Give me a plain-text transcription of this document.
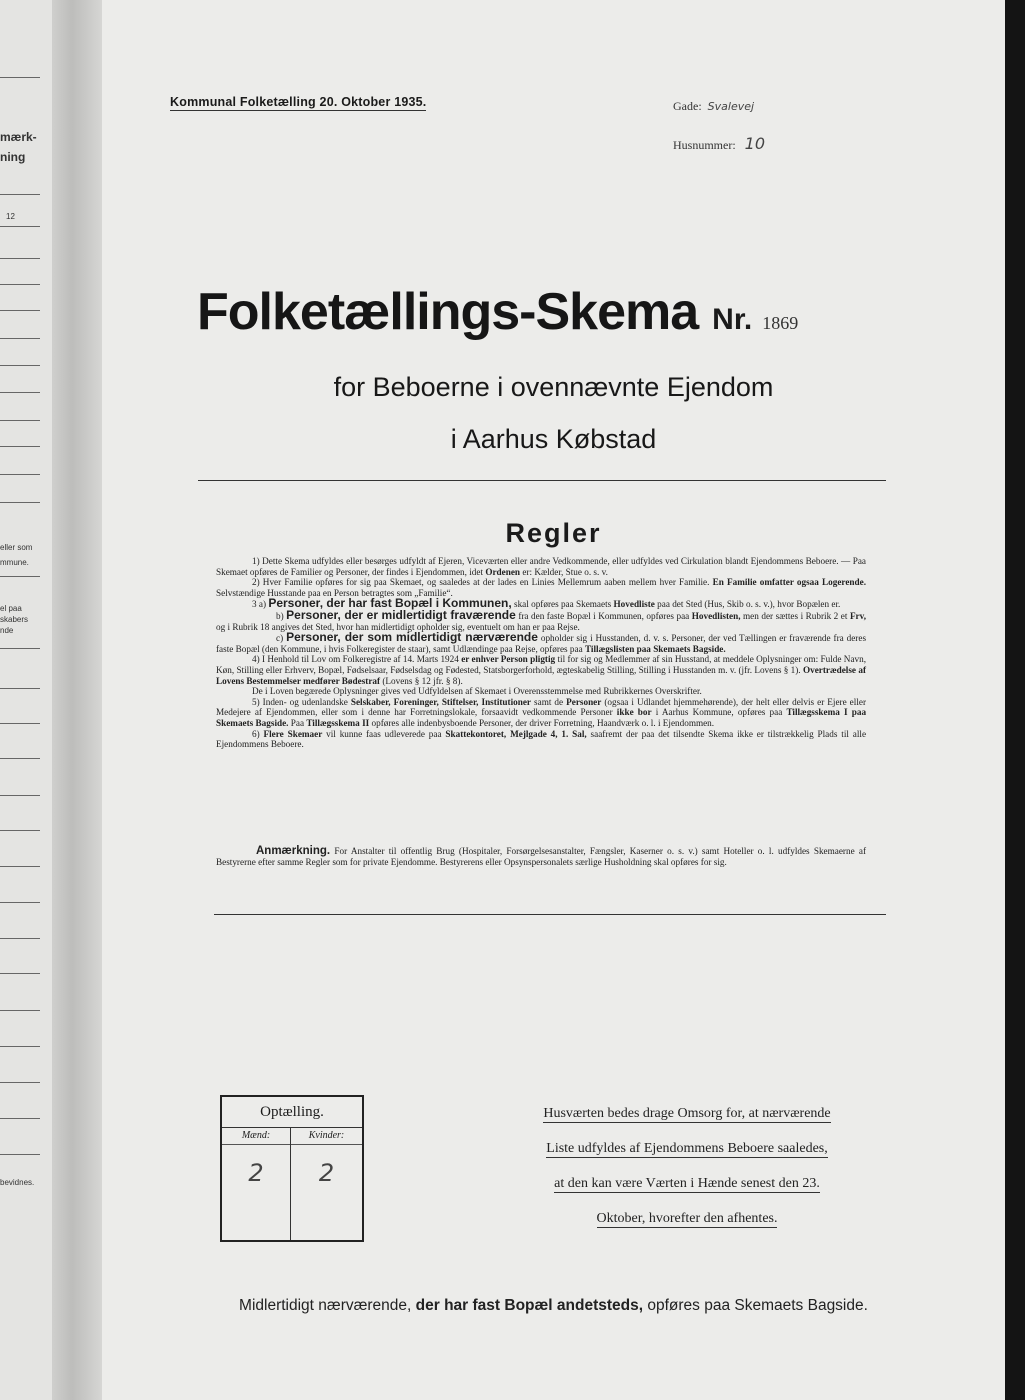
mærk-
ning
12
eller som
mmune.
el paa
skabers
nde
bevidnes.
Kommunal Folketælling 20. Oktober 1935.	Gade: Svalevej
Husnummer: 10
Folketællings-Skema Nr. 1869
for Beboerne i ovennævnte Ejendom
i Aarhus Købstad
Regler

1) Dette Skema udfyldes eller besørges udfyldt af Ejeren, Viceværten eller andre Vedkommende, eller udfyldes ved Cirkulation blandt Ejendommens Beboere. — Paa Skemaet opføres de Familier og Personer, der findes i Ejendommen, idet Ordenen er: Kælder, Stue o. s. v.

2) Hver Familie opføres for sig paa Skemaet, og saaledes at der lades en Linies Mellemrum aaben mellem hver Familie. En Familie omfatter ogsaa Logerende. Selvstændige Husstande paa en Person betragtes som „Familie“.

3 a) Personer, der har fast Bopæl i Kommunen, skal opføres paa Skemaets Hovedliste paa det Sted (Hus, Skib o. s. v.), hvor Bopælen er.

b) Personer, der er midlertidigt fraværende fra den faste Bopæl i Kommunen, opføres paa Hovedlisten, men der sættes i Rubrik 2 et Frv, og i Rubrik 18 angives det Sted, hvor han midlertidigt opholder sig, eventuelt om han er paa Rejse.

c) Personer, der som midlertidigt nærværende opholder sig i Husstanden, d. v. s. Personer, der ved Tællingen er fraværende fra deres faste Bopæl (den Kommune, i hvis Folkeregister de staar), samt Udlændinge paa Rejse, opføres paa Tillægslisten paa Skemaets Bagside.

4) I Henhold til Lov om Folkeregistre af 14. Marts 1924 er enhver Person pligtig til for sig og Medlemmer af sin Husstand, at meddele Oplysninger om: Fulde Navn, Køn, Stilling eller Erhverv, Bopæl, Fødselsaar, Fødselsdag og Fødested, Statsborgerforhold, ægteskabelig Stilling, Stilling i Husstanden m. v. (jfr. Lovens § 1). Overtrædelse af Lovens Bestemmelser medfører Bødestraf (Lovens § 12 jfr. § 8).

De i Loven begærede Oplysninger gives ved Udfyldelsen af Skemaet i Overensstemmelse med Rubrikkernes Overskrifter.

5) Inden- og udenlandske Selskaber, Foreninger, Stiftelser, Institutioner samt de Personer (ogsaa i Udlandet hjemmehørende), der helt eller delvis er Ejere eller Medejere af Ejendommen, eller som i denne har Forretningslokale, forsaavidt vedkommende Personer ikke bor i Aarhus Kommune, opføres paa Tillægsskema I paa Skemaets Bagside. Paa Tillægsskema II opføres alle indenbysboende Personer, der driver Forretning, Haandværk o. l. i Ejendommen.

6) Flere Skemaer vil kunne faas udleverede paa Skattekontoret, Mejlgade 4, 1. Sal, saafremt der paa det tilsendte Skema ikke er tilstrækkelig Plads til alle Ejendommens Beboere.

Anmærkning. For Anstalter til offentlig Brug (Hospitaler, Forsørgelsesanstalter, Fængsler, Kaserner o. s. v.) samt Hoteller o. l. udfyldes Skemaerne af Bestyrerne efter samme Regler som for private Ejendomme. Bestyrerens eller Opsynspersonalets særlige Husholdning skal opføres for sig.
Optælling.
Mænd:
2
Kvinder:
2
Husværten bedes drage Omsorg for, at nærværende
Liste udfyldes af Ejendommens Beboere saaledes,
at den kan være Værten i Hænde senest den 23.
Oktober, hvorefter den afhentes.
Midlertidigt nærværende, der har fast Bopæl andetsteds, opføres paa Skemaets Bagside.
